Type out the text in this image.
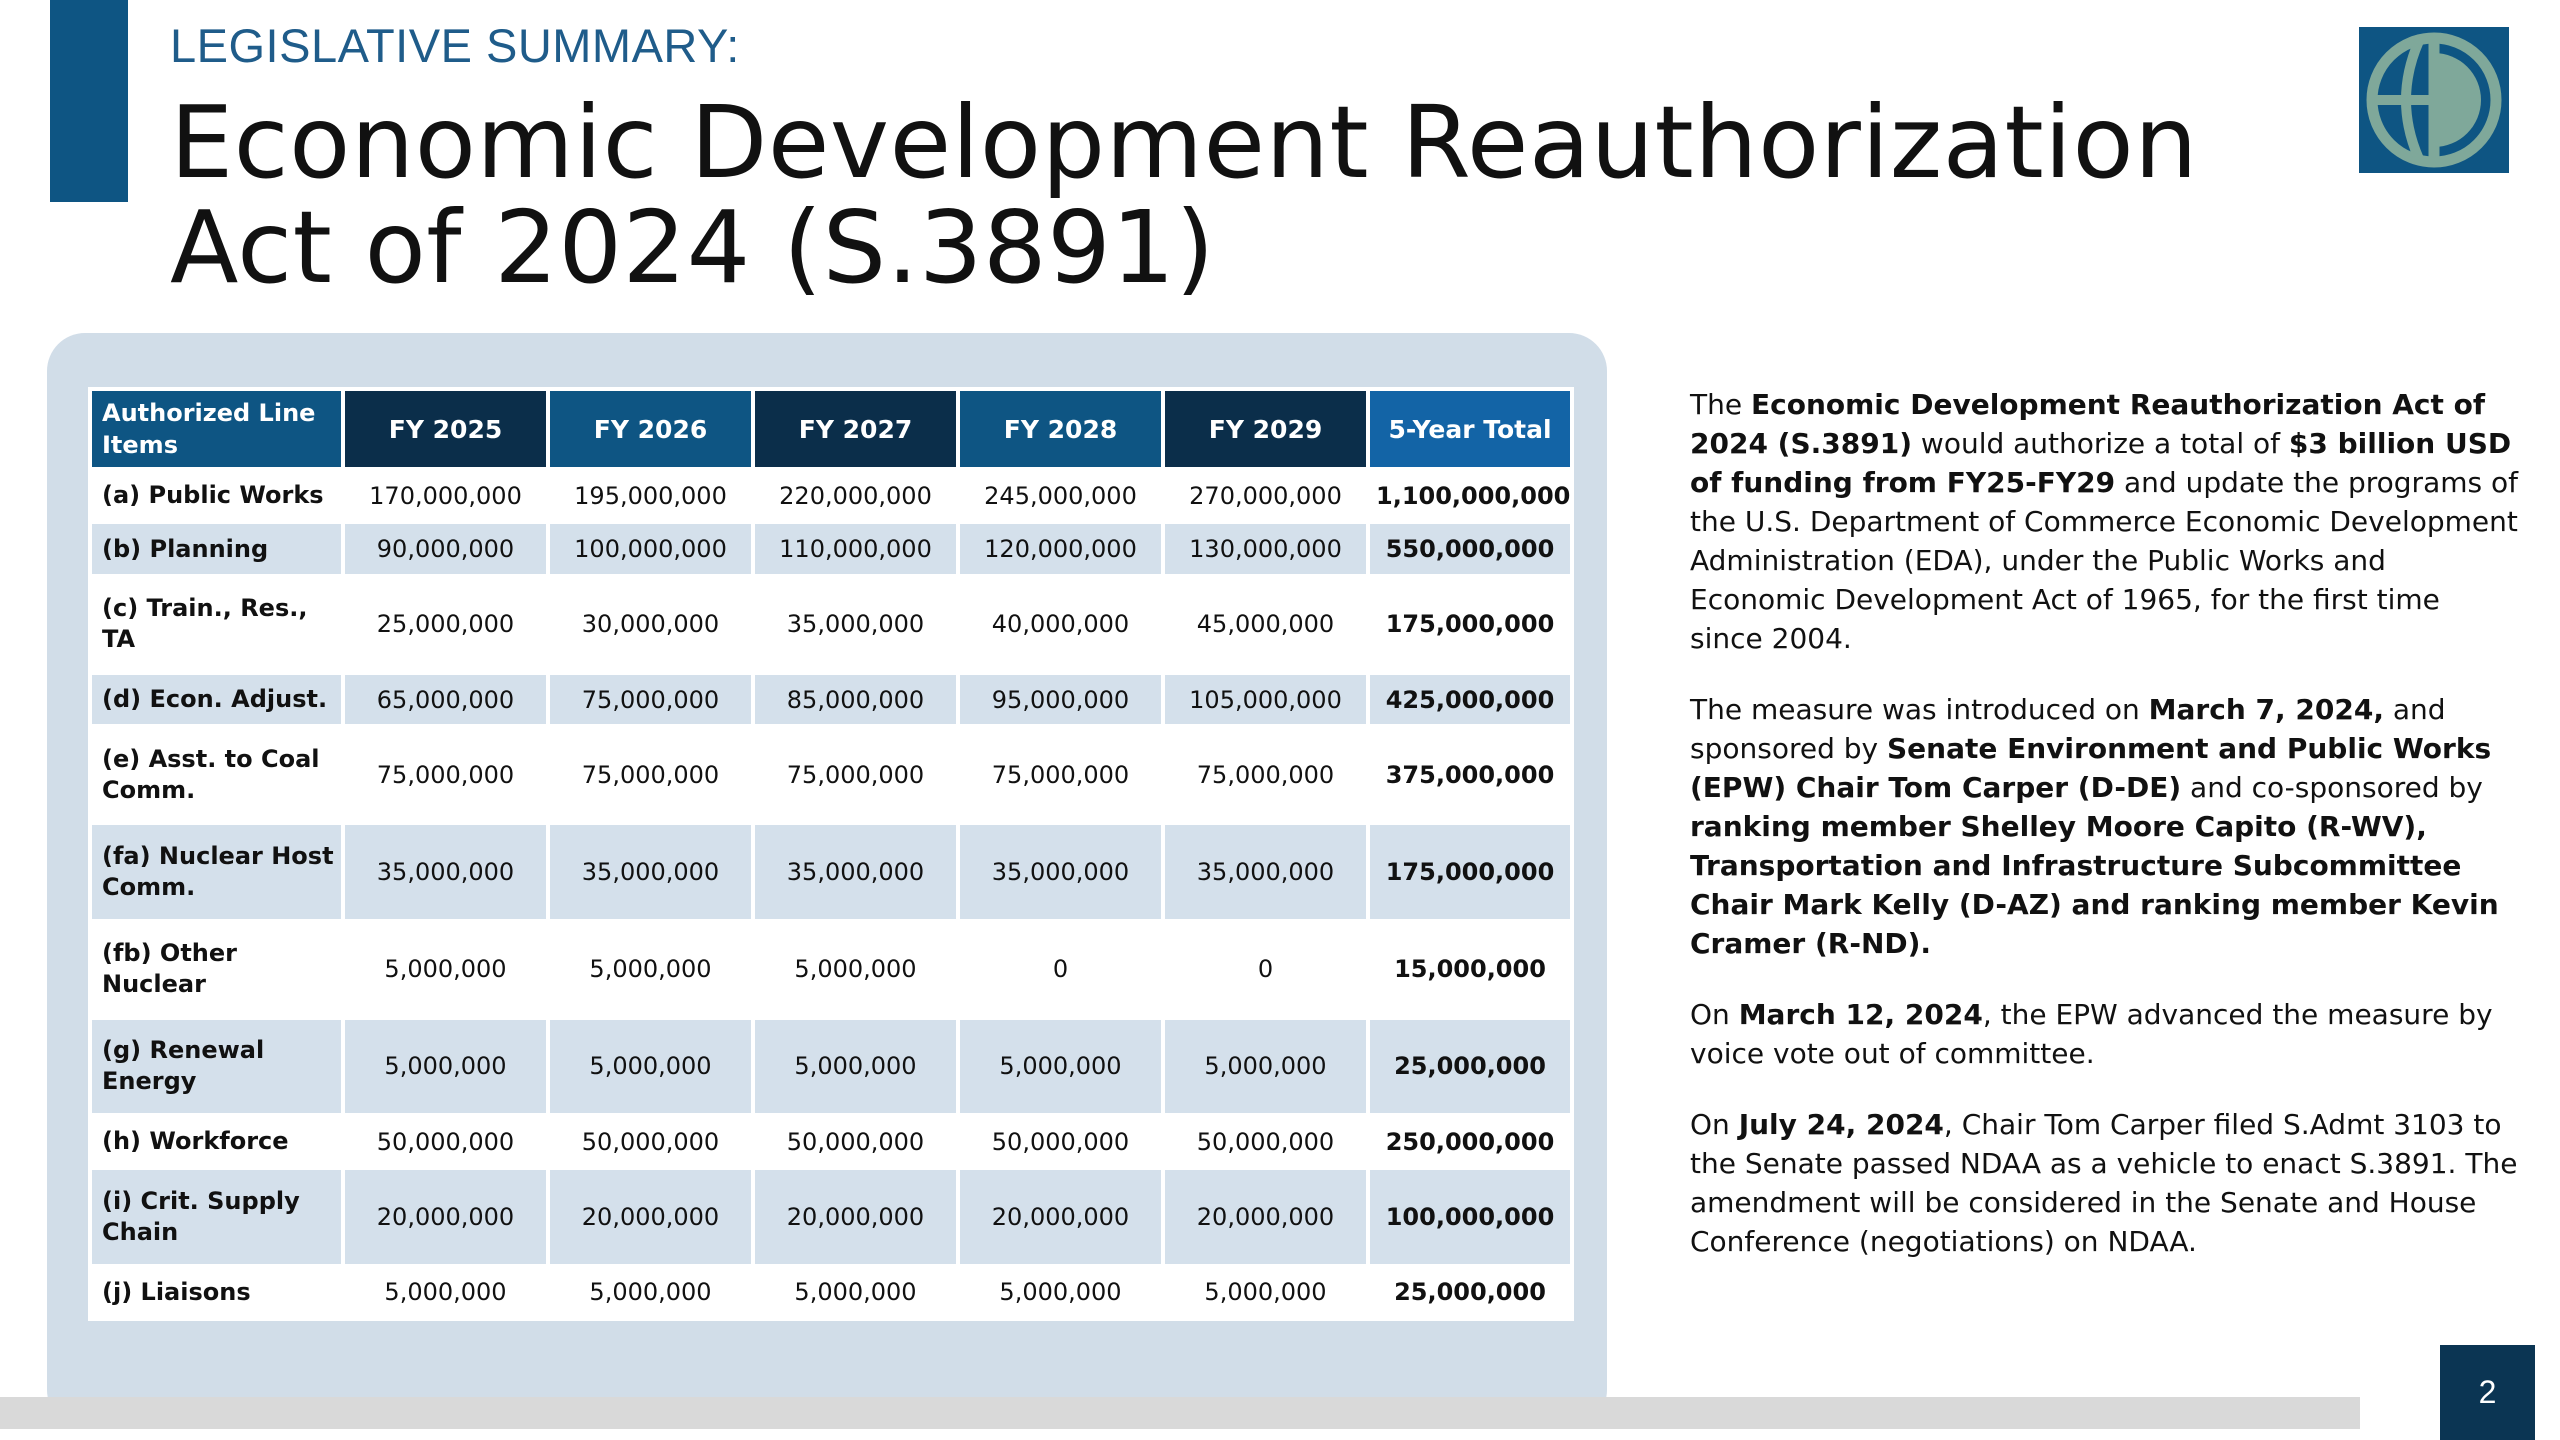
LEGISLATIVE SUMMARY:
Economic Development Reauthorization
Act of 2024 (S.3891)
Authorized Line Items	FY 2025	FY 2026	FY 2027	FY 2028	FY 2029	5-Year Total
(a) Public Works	170,000,000	195,000,000	220,000,000	245,000,000	270,000,000	1,100,000,000
(b) Planning	90,000,000	100,000,000	110,000,000	120,000,000	130,000,000	550,000,000
(c) Train., Res., TA	25,000,000	30,000,000	35,000,000	40,000,000	45,000,000	175,000,000
(d) Econ. Adjust.	65,000,000	75,000,000	85,000,000	95,000,000	105,000,000	425,000,000
(e) Asst. to Coal Comm.	75,000,000	75,000,000	75,000,000	75,000,000	75,000,000	375,000,000
(fa) Nuclear Host Comm.	35,000,000	35,000,000	35,000,000	35,000,000	35,000,000	175,000,000
(fb) Other Nuclear	5,000,000	5,000,000	5,000,000	0	0	15,000,000
(g) Renewal Energy	5,000,000	5,000,000	5,000,000	5,000,000	5,000,000	25,000,000
(h) Workforce	50,000,000	50,000,000	50,000,000	50,000,000	50,000,000	250,000,000
(i) Crit. Supply Chain	20,000,000	20,000,000	20,000,000	20,000,000	20,000,000	100,000,000
(j) Liaisons	5,000,000	5,000,000	5,000,000	5,000,000	5,000,000	25,000,000

The Economic Development Reauthorization Act of 2024 (S.3891) would authorize a total of $3 billion USD of funding from FY25-FY29 and update the programs of the U.S. Department of Commerce Economic Development Administration (EDA), under the Public Works and Economic Development Act of 1965, for the first time since 2004.

The measure was introduced on March 7, 2024, and sponsored by Senate Environment and Public Works (EPW) Chair Tom Carper (D-DE) and co-sponsored by ranking member Shelley Moore Capito (R-WV), Transportation and Infrastructure Subcommittee Chair Mark Kelly (D-AZ) and ranking member Kevin Cramer (R-ND).

On March 12, 2024, the EPW advanced the measure by voice vote out of committee.

On July 24, 2024, Chair Tom Carper filed S.Admt 3103 to the Senate passed NDAA as a vehicle to enact S.3891. The amendment will be considered in the Senate and House Conference (negotiations) on NDAA.

2
